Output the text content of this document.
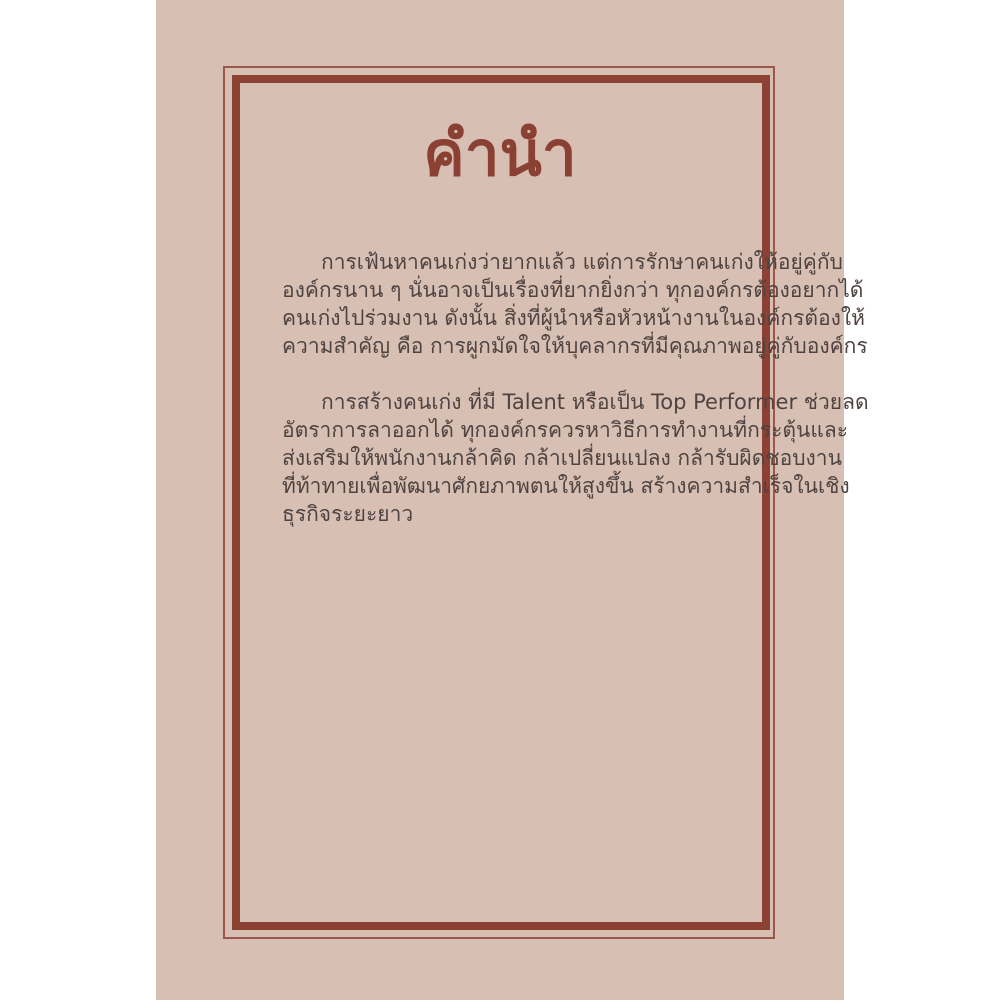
คำนำ

การเฟ้นหาคนเก่งว่ายากแล้ว แต่การรักษาคนเก่งให้อยู่คู่กับ
องค์กรนาน ๆ นั่นอาจเป็นเรื่องที่ยากยิ่งกว่า ทุกองค์กรต้องอยากได้
คนเก่งไปร่วมงาน ดังนั้น สิ่งที่ผู้นำหรือหัวหน้างานในองค์กรต้องให้
ความสำคัญ คือ การผูกมัดใจให้บุคลากรที่มีคุณภาพอยู่คู่กับองค์กร

การสร้างคนเก่ง ที่มี Talent หรือเป็น Top Performer ช่วยลด
อัตราการลาออกได้ ทุกองค์กรควรหาวิธีการทำงานที่กระตุ้นและ
ส่งเสริมให้พนักงานกล้าคิด กล้าเปลี่ยนแปลง กล้ารับผิดชอบงาน
ที่ท้าทายเพื่อพัฒนาศักยภาพตนให้สูงขึ้น สร้างความสำเร็จในเชิง
ธุรกิจระยะยาว
